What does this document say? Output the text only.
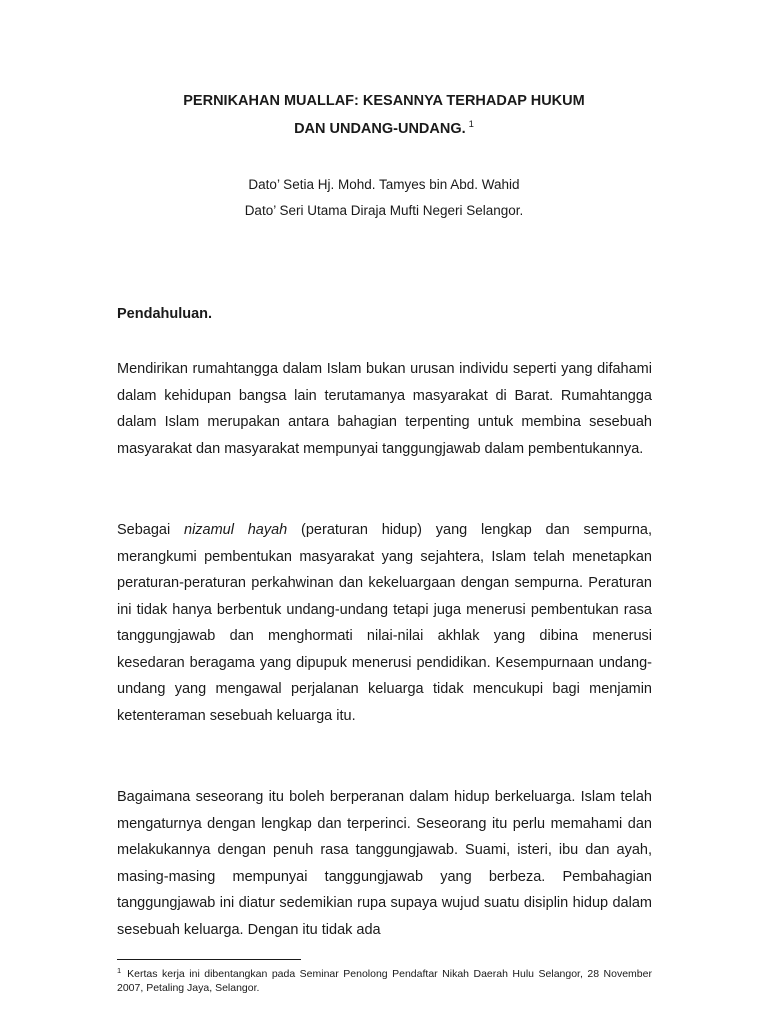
PERNIKAHAN MUALLAF: KESANNYA TERHADAP HUKUM
DAN UNDANG-UNDANG. $^1$
Dato’ Setia Hj. Mohd. Tamyes bin Abd. Wahid
Dato’ Seri Utama Diraja Mufti Negeri Selangor.
Pendahuluan.

Mendirikan rumahtangga dalam Islam bukan urusan individu seperti yang difahami dalam kehidupan bangsa lain terutamanya masyarakat di Barat. Rumahtangga dalam Islam merupakan antara bahagian terpenting untuk membina sesebuah masyarakat dan masyarakat mempunyai tanggungjawab dalam pembentukannya.

Sebagai nizamul hayah (peraturan hidup) yang lengkap dan sempurna, merangkumi pembentukan masyarakat yang sejahtera, Islam telah menetapkan peraturan-peraturan perkahwinan dan kekeluargaan dengan sempurna. Peraturan ini tidak hanya berbentuk undang-undang tetapi juga menerusi pembentukan rasa tanggungjawab dan menghormati nilai-nilai akhlak yang dibina menerusi kesedaran beragama yang dipupuk menerusi pendidikan. Kesempurnaan undang-undang yang mengawal perjalanan keluarga tidak mencukupi bagi menjamin ketenteraman sesebuah keluarga itu.

Bagaimana seseorang itu boleh berperanan dalam hidup berkeluarga. Islam telah mengaturnya dengan lengkap dan terperinci. Seseorang itu perlu memahami dan melakukannya dengan penuh rasa tanggungjawab. Suami, isteri, ibu dan ayah, masing-masing mempunyai tanggungjawab yang berbeza. Pembahagian tanggungjawab ini diatur sedemikian rupa supaya wujud suatu disiplin hidup dalam sesebuah keluarga. Dengan itu tidak ada

$^1$ Kertas kerja ini dibentangkan pada Seminar Penolong Pendaftar Nikah Daerah Hulu Selangor, 28 November 2007, Petaling Jaya, Selangor.
